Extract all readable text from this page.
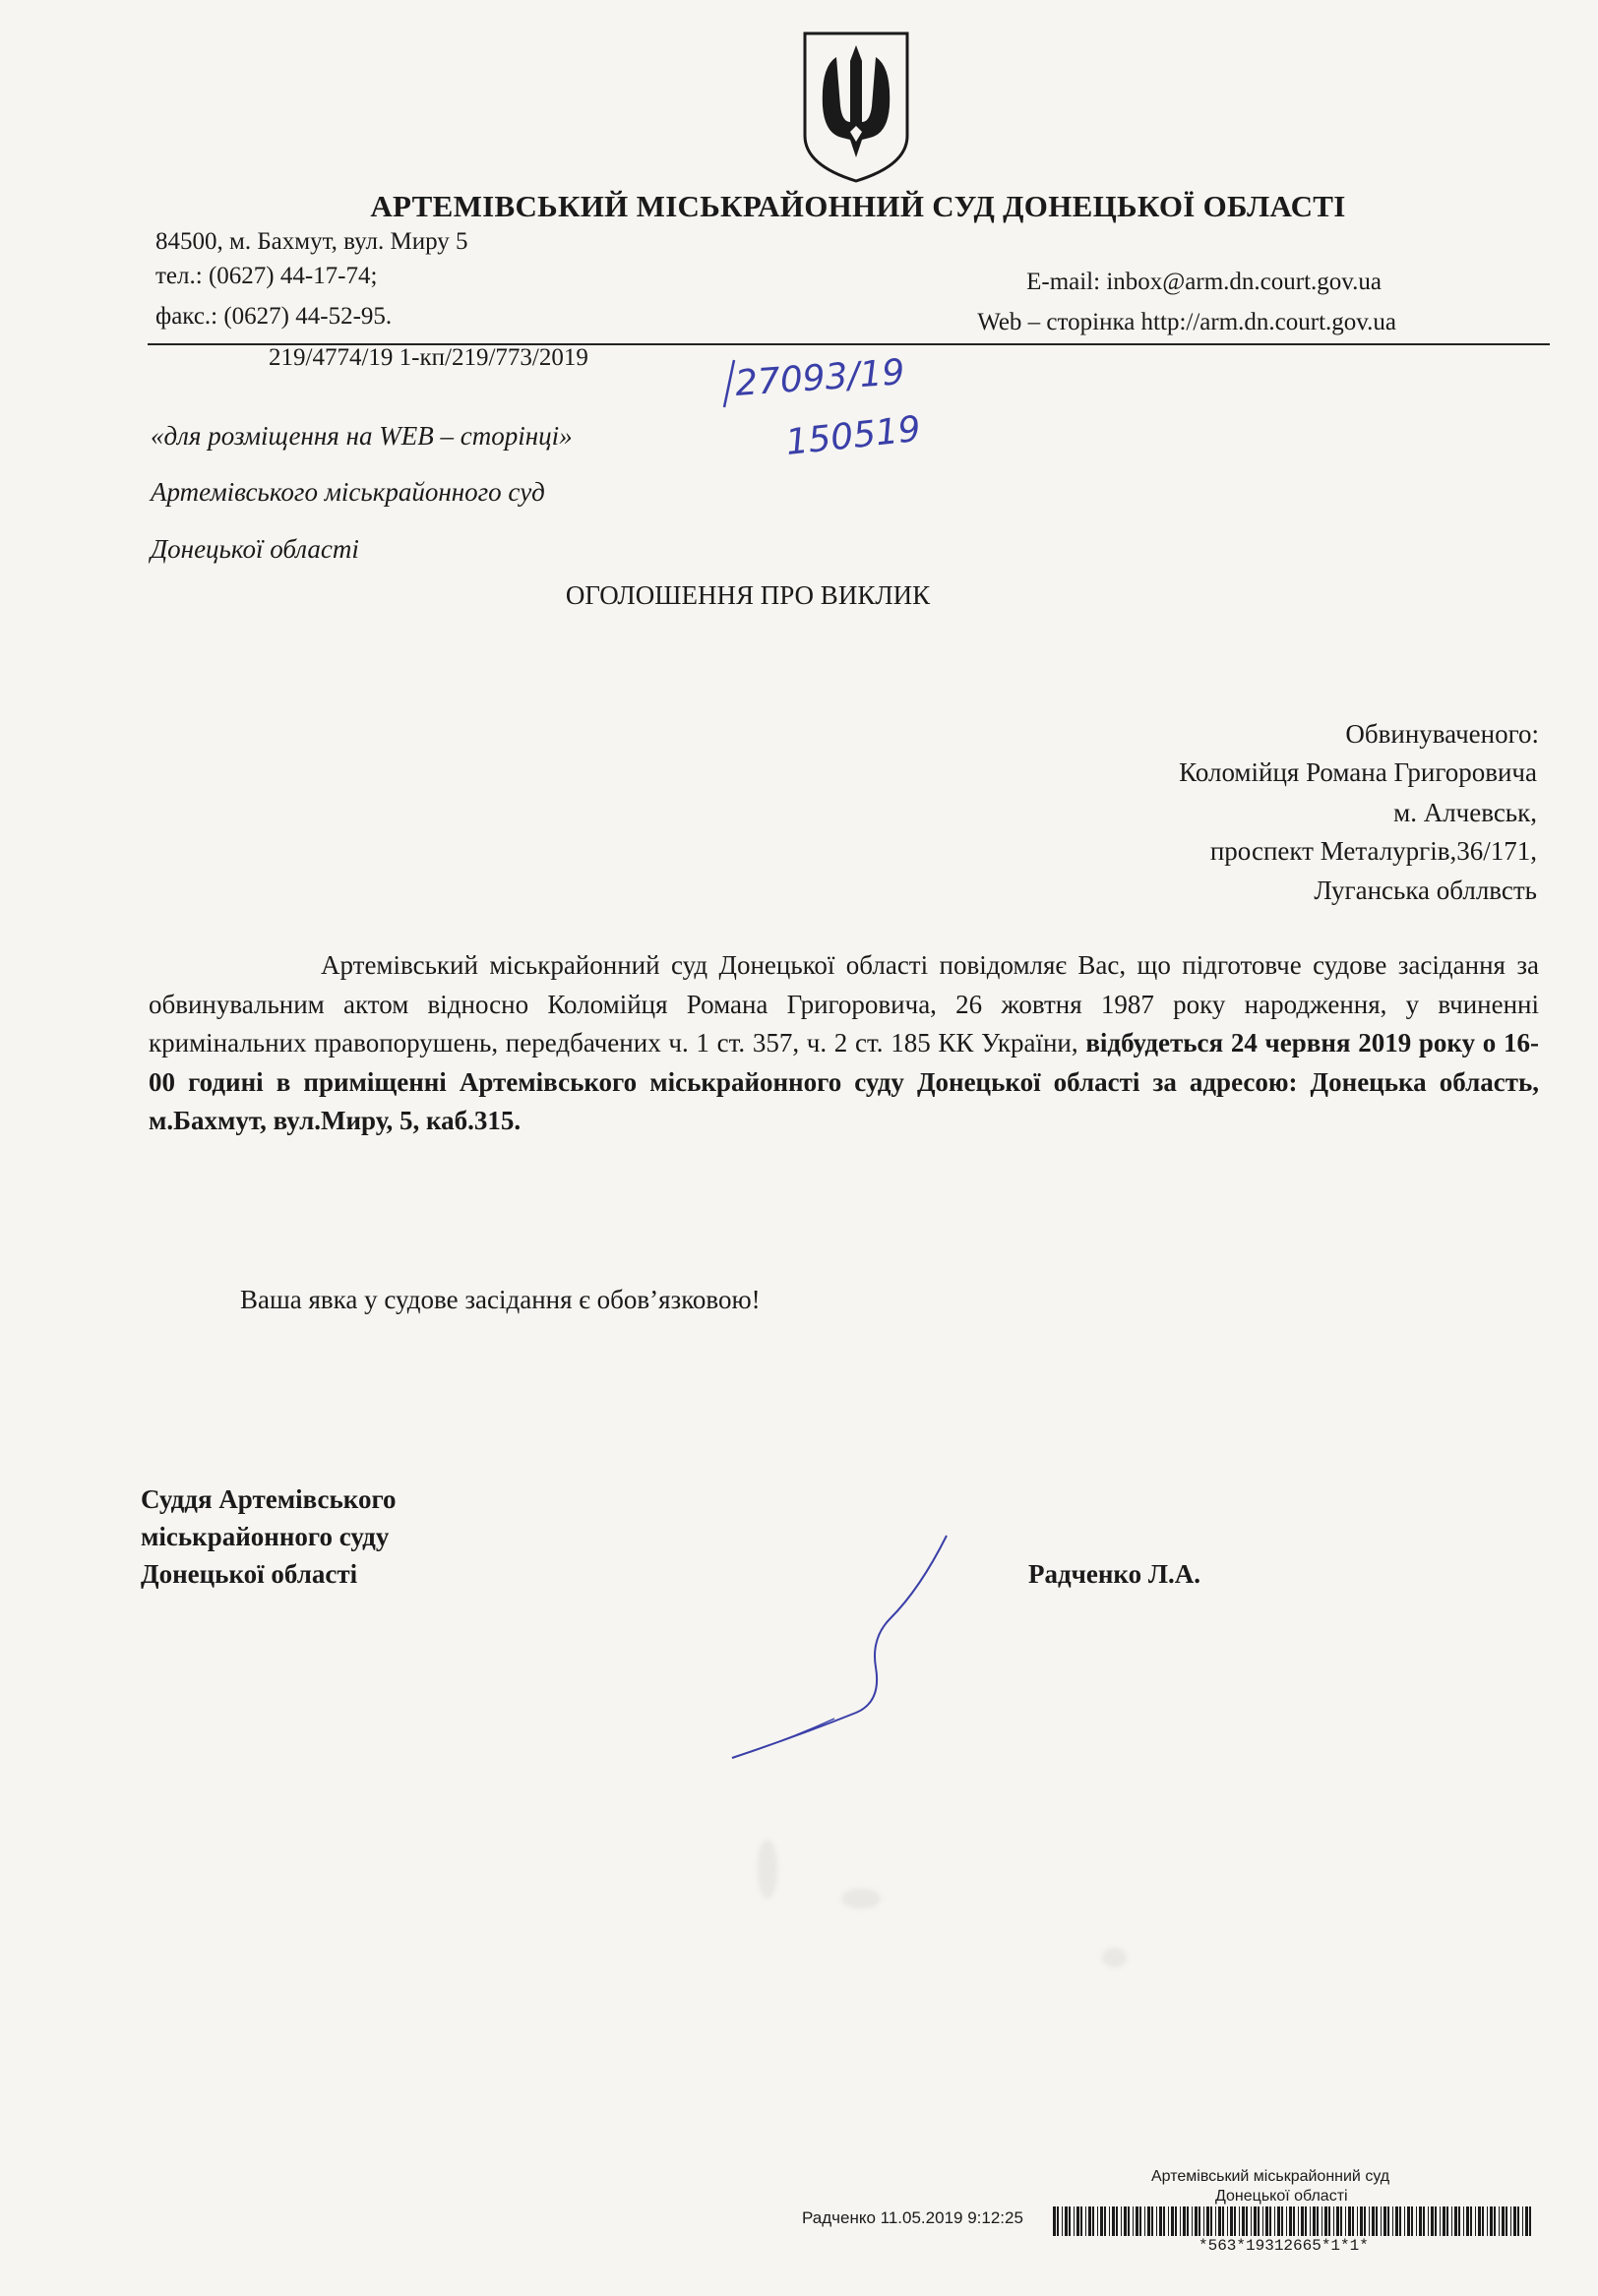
АРТЕМІВСЬКИЙ МІСЬКРАЙОННИЙ СУД ДОНЕЦЬКОЇ ОБЛАСТІ
84500, м. Бахмут, вул. Миру 5
тел.: (0627) 44-17-74;
факс.: (0627) 44-52-95.
E-mail: inbox@arm.dn.court.gov.ua
Web – сторінка http://arm.dn.court.gov.ua
219/4774/19 1-кп/219/773/2019	27093/19
150519
«для розміщення на WEB – сторінці»
Артемівського міськрайонного суд
Донецької області
ОГОЛОШЕННЯ ПРО ВИКЛИК
Обвинуваченого:
Коломійця Романа Григоровича
м. Алчевськ,
проспект Металургів,36/171,
Луганська обллвсть
Артемівський міськрайонний суд Донецької області повідомляє Вас, що підготовче судове засідання за обвинувальним актом відносно Коломійця Романа Григоровича, 26 жовтня 1987 року народження, у вчиненні кримінальних правопорушень, передбачених ч. 1 ст. 357, ч. 2 ст. 185 КК України, відбудеться 24 червня 2019 року о 16-00 годині в приміщенні Артемівського міськрайонного суду Донецької області за адресою: Донецька область, м.Бахмут, вул.Миру, 5, каб.315.
Ваша явка у судове засідання є обов’язковою!
Суддя Артемівського
міськрайонного суду
Донецької області	Радченко Л.А.
Артемівський міськрайонний суд
Донецької області
Радченко 11.05.2019 9:12:25
*563*19312665*1*1*
